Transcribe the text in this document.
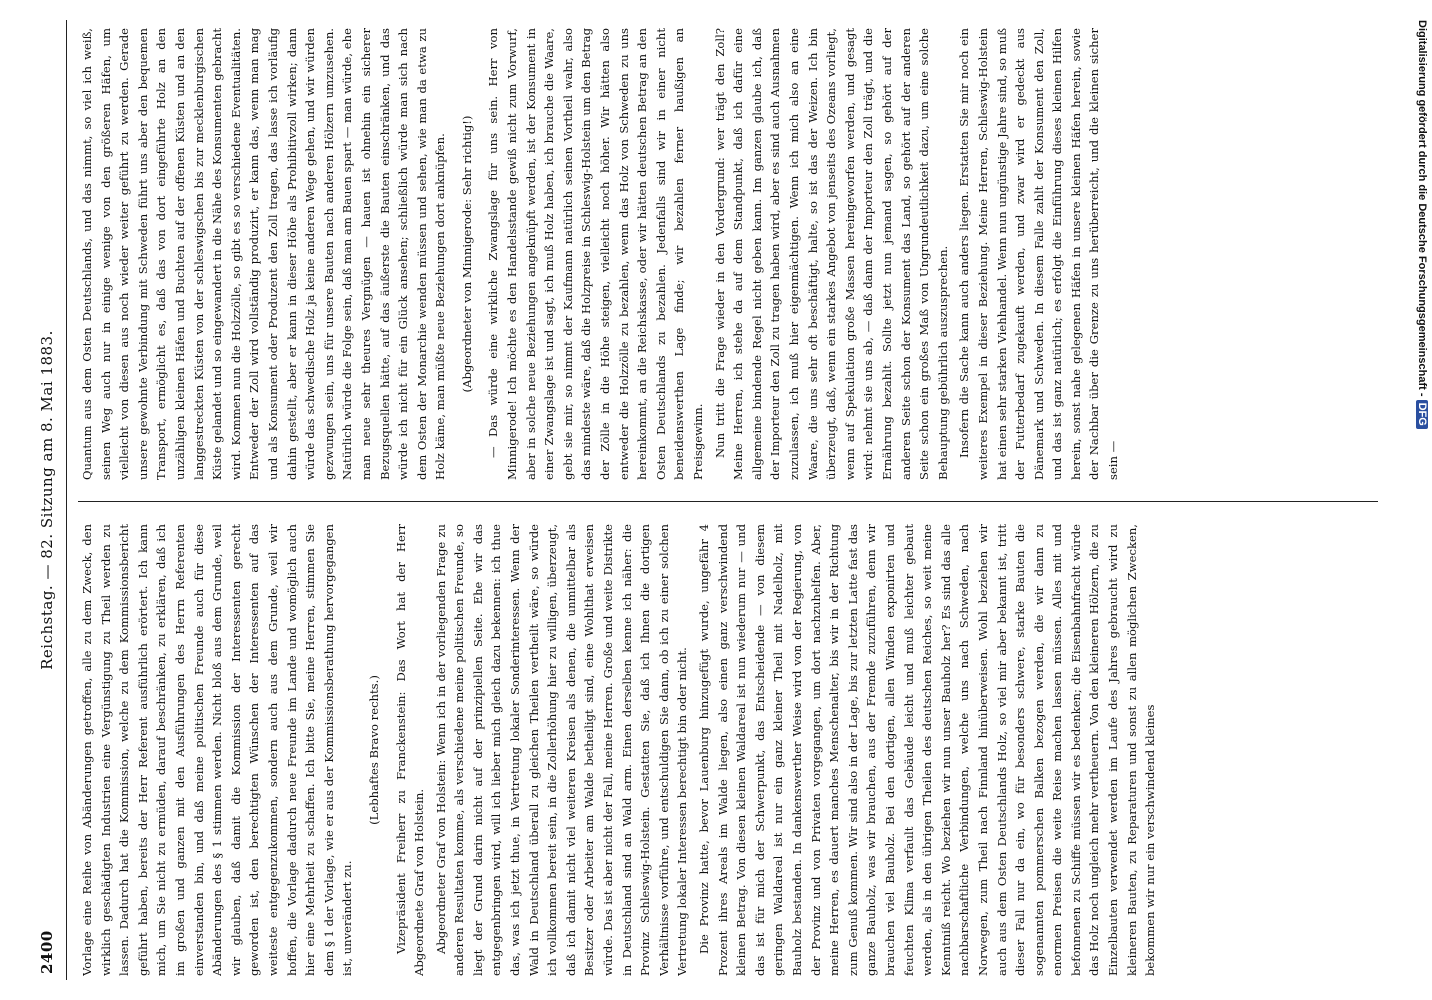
2400
Reichstag. — 82. Sitzung am 8. Mai 1883.

Vorlage eine Reihe von Abänderungen getroffen, alle zu dem Zweck, den wirklich geschädigten Industrien eine Vergünstigung zu Theil werden zu lassen. Dadurch hat die Kommission, welche zu dem Kommissionsbericht geführt haben, bereits der Herr Referent ausführlich erörtert. Ich kann mich, um Sie nicht zu ermüden, darauf beschränken, zu erklären, daß ich im großen und ganzen mit den Ausführungen des Herrn Referenten einverstanden bin, und daß meine politischen Freunde auch für diese Abänderungen des § 1 stimmen werden. Nicht bloß aus dem Grunde, weil wir glauben, daß damit die Kommission der Interessenten gerecht geworden ist, den berechtigten Wünschen der Interessenten auf das weiteste entgegenzukommen, sondern auch aus dem Grunde, weil wir hoffen, die Vorlage dadurch neue Freunde im Lande und womöglich auch hier eine Mehrheit zu schaffen. Ich bitte Sie, meine Herren, stimmen Sie dem § 1 der Vorlage, wie er aus der Kommissionsberathung hervorgegangen ist, unverändert zu.

(Lebhaftes Bravo rechts.) Vizepräsident Freiherr zu Franckenstein: Das Wort hat der Herr Abgeordnete Graf von Holstein. Abgeordneter Graf von Holstein: Wenn ich in der vorliegenden Frage zu anderen Resultaten komme, als verschiedene meine politischen Freunde, so liegt der Grund darin nicht auf der prinzipiellen Seite. Ehe wir das entgegenbringen wird, will ich lieber mich gleich dazu bekennen: ich thue das, was ich jetzt thue, in Vertretung lokaler Sonderinteressen. Wenn der Wald in Deutschland überall zu gleichen Theilen vertheilt wäre, so würde ich vollkommen bereit sein, in die Zollerhöhung hier zu willigen, überzeugt, daß ich damit nicht viel weiteren Kreisen als denen, die unmittelbar als Besitzer oder Arbeiter am Walde betheiligt sind, eine Wohlthat erweisen würde. Das ist aber nicht der Fall, meine Herren. Große und weite Distrikte in Deutschland sind an Wald arm. Einen derselben kenne ich näher: die Provinz Schleswig-Holstein. Gestatten Sie, daß ich Ihnen die dortigen Verhältnisse vorführe, und entschuldigen Sie dann, ob ich zu einer solchen Vertretung lokaler Interessen berechtigt bin oder nicht. Die Provinz hatte, bevor Lauenburg hinzugefügt wurde, ungefähr 4 Prozent ihres Areals im Walde liegen, also einen ganz verschwindend kleinen Betrag. Von diesen kleinen Waldareal ist nun wiederum nur — und das ist für mich der Schwerpunkt, das Entscheidende — von diesem geringen Waldareal ist nur ein ganz kleiner Theil mit Nadelholz, mit Bauholz bestanden. In dankenswerther Weise wird von der Regierung, von der Provinz und von Privaten vorgegangen, um dort nachzuhelfen. Aber, meine Herren, es dauert manches Menschenalter, bis wir in der Richtung zum Genuß kommen. Wir sind also in der Lage, bis zur letzten Latte fast das ganze Bauholz, was wir brauchen, aus der Fremde zuzuführen, denn wir brauchen viel Bauholz. Bei den dortigen, allen Winden exponirten und feuchten Klima verfault das Gebäude leicht und muß leichter gebaut werden, als in den übrigen Theilen des deutschen Reiches, so weit meine Kenntniß reicht. Wo beziehen wir nun unser Bauholz her? Es sind das alle nachbarschaftliche Verbindungen, welche uns nach Schweden, nach Norwegen, zum Theil nach Finnland hinüberweisen. Wohl beziehen wir auch aus dem Osten Deutschlands Holz, so viel mir aber bekannt ist, tritt dieser Fall nur da ein, wo für besonders schwere, starke Bauten die sogenannten pommerschen Balken bezogen werden, die wir dann zu enormen Preisen die weite Reise machen lassen müssen. Alles mit und befonnenen zu Schiffe müssen wir es bedenken; die Eisenbahnfracht würde das Holz noch ungleich mehr vertheuern. Von den kleineren Hölzern, die zu Einzelbauten verwendet werden im Laufe des Jahres gebraucht wird zu kleineren Bauten, zu Reparaturen und sonst zu allen möglichen Zwecken, bekommen wir nur ein verschwindend kleines

Quantum aus dem Osten Deutschlands, und das nimmt, so viel ich weiß, seinen Weg auch nur in einige wenige von den größeren Häfen, um vielleicht von diesen aus noch wieder weiter geführt zu werden. Gerade unsere gewohnte Verbindung mit Schweden führt uns aber den bequemen Transport, ermöglicht es, daß das von dort eingeführte Holz an den unzähligen kleinen Häfen und Buchten auf der offenen Küsten und an den langgestreckten Küsten von der schleswigschen bis zur mecklenburgischen Küste gelandet und so eingewandert in die Nähe des Konsumenten gebracht wird. Kommen nun die Holzzölle, so gibt es so verschiedene Eventualitäten. Entweder der Zoll wird vollständig produzirt, er kann das, wenn man mag und als Konsument oder Produzent den Zoll tragen, das lasse ich vorläufig dahin gestellt, aber er kann in dieser Höhe als Prohibitivzoll wirken; dann würde das schwedische Holz ja keine anderen Wege gehen, und wir würden gezwungen sein, uns für unsere Bauten nach anderen Hölzern umzusehen. Natürlich würde die Folge sein, daß man am Bauen spart — man würde, ehe man neue sehr theures Vergnügen — hauen ist ohnehin ein sicherer Bezugsquellen hätte, auf das äußerste die Bauten einschränken, und das würde ich nicht für ein Glück ansehen; schließlich würde man sich nach dem Osten der Monarchie wenden müssen und sehen, wie man da etwa zu Holz käme, man müßte neue Beziehungen dort anknüpfen. (Abgeordneter von Minnigerode: Sehr richtig!) — Das würde eine wirkliche Zwangslage für uns sein. Herr von Minnigerode! Ich möchte es den Handelsstande gewiß nicht zum Vorwurf, aber in solche neue Beziehungen angeknüpft werden, ist der Konsument in einer Zwangslage ist und sagt, ich muß Holz haben, ich brauche die Waare, gebt sie mir, so nimmt der Kaufmann natürlich seinen Vortheil wahr, also das mindeste wäre, daß die Holzpreise in Schleswig-Holstein um den Betrag der Zölle in die Höhe steigen, vielleicht noch höher. Wir hätten also entweder die Holzzölle zu bezahlen, wenn das Holz von Schweden zu uns hereinkommt, an die Reichskasse, oder wir hätten deutschen Betrag an den Osten Deutschlands zu bezahlen. Jedenfalls sind wir in einer nicht beneidenswerthen Lage finde; wir bezahlen ferner haußigen an Preisgewinn. Nun tritt die Frage wieder in den Vordergrund: wer trägt den Zoll? Meine Herren, ich stehe da auf dem Standpunkt, daß ich dafür eine allgemeine bindende Regel nicht geben kann. Im ganzen glaube ich, daß der Importeur den Zoll zu tragen haben wird, aber es sind auch Ausnahmen zuzulassen, ich muß hier eigenmächtigen. Wenn ich mich also an eine Waare, die uns sehr oft beschäftigt, halte, so ist das der Weizen. Ich bin überzeugt, daß, wenn ein starkes Angebot von jenseits des Ozeans vorliegt, wenn auf Spekulation große Massen hereingeworfen werden, und gesagt wird: nehmt sie uns ab, — daß dann der Importeur den Zoll trägt, und die Ernährung bezahlt. Sollte jetzt nun jemand sagen, so gehört auf der anderen Seite schon der Konsument das Land, so gehört auf der anderen Seite schon ein großes Maß von Ungrundeutlichkeit dazu, um eine solche Behauptung gebührlich auszusprechen. Insofern die Sache kann auch anders liegen. Erstatten Sie mir noch ein weiteres Exempel in dieser Beziehung. Meine Herren, Schleswig-Holstein hat einen sehr starken Viehhandel. Wenn nun ungünstige Jahre sind, so muß der Futterbedarf zugekauft werden, und zwar wird er gedeckt aus Dänemark und Schweden. In diesem Falle zahlt der Konsument den Zoll, und das ist ganz natürlich; es erfolgt die Einführung dieses kleinen Hilfen herein, sonst nahe gelegenen Häfen in unsere kleinen Häfen herein, sowie der Nachbar über die Grenze zu uns herüberreicht, und die kleinen sicher sein —

Digitalisierung gefördert durch die Deutsche Forschungsgemeinschaft - DFG
